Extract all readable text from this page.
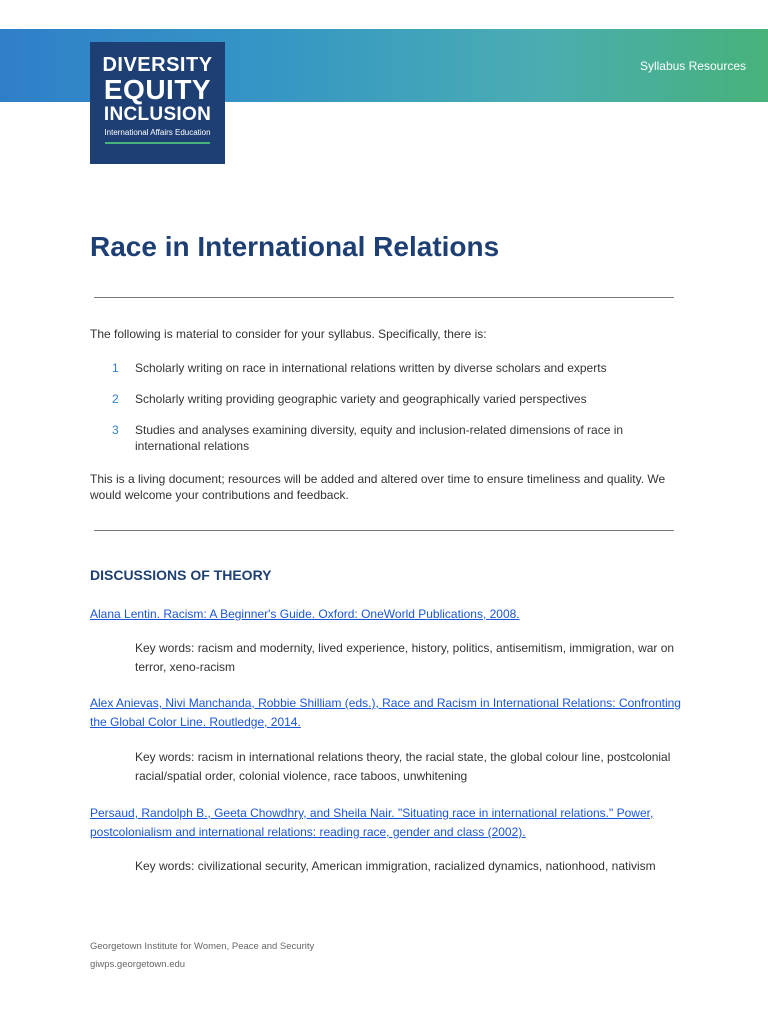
Syllabus Resources
DIVERSITY
EQUITY
INCLUSION
International Affairs Education
Race in International Relations
The following is material to consider for your syllabus. Specifically, there is:
1 Scholarly writing on race in international relations written by diverse scholars and experts
2 Scholarly writing providing geographic variety and geographically varied perspectives
3 Studies and analyses examining diversity, equity and inclusion-related dimensions of race in international relations
This is a living document; resources will be added and altered over time to ensure timeliness and quality. We would welcome your contributions and feedback.
DISCUSSIONS OF THEORY
Alana Lentin. Racism: A Beginner's Guide. Oxford: OneWorld Publications, 2008.
Key words: racism and modernity, lived experience, history, politics, antisemitism, immigration, war on terror, xeno-racism
Alex Anievas, Nivi Manchanda, Robbie Shilliam (eds.), Race and Racism in International Relations: Confronting the Global Color Line. Routledge, 2014.
Key words: racism in international relations theory, the racial state, the global colour line, postcolonial racial/spatial order, colonial violence, race taboos, unwhitening
Persaud, Randolph B., Geeta Chowdhry, and Sheila Nair. "Situating race in international relations." Power, postcolonialism and international relations: reading race, gender and class (2002).
Key words: civilizational security, American immigration, racialized dynamics, nationhood, nativism
Georgetown Institute for Women, Peace and Security
giwps.georgetown.edu
